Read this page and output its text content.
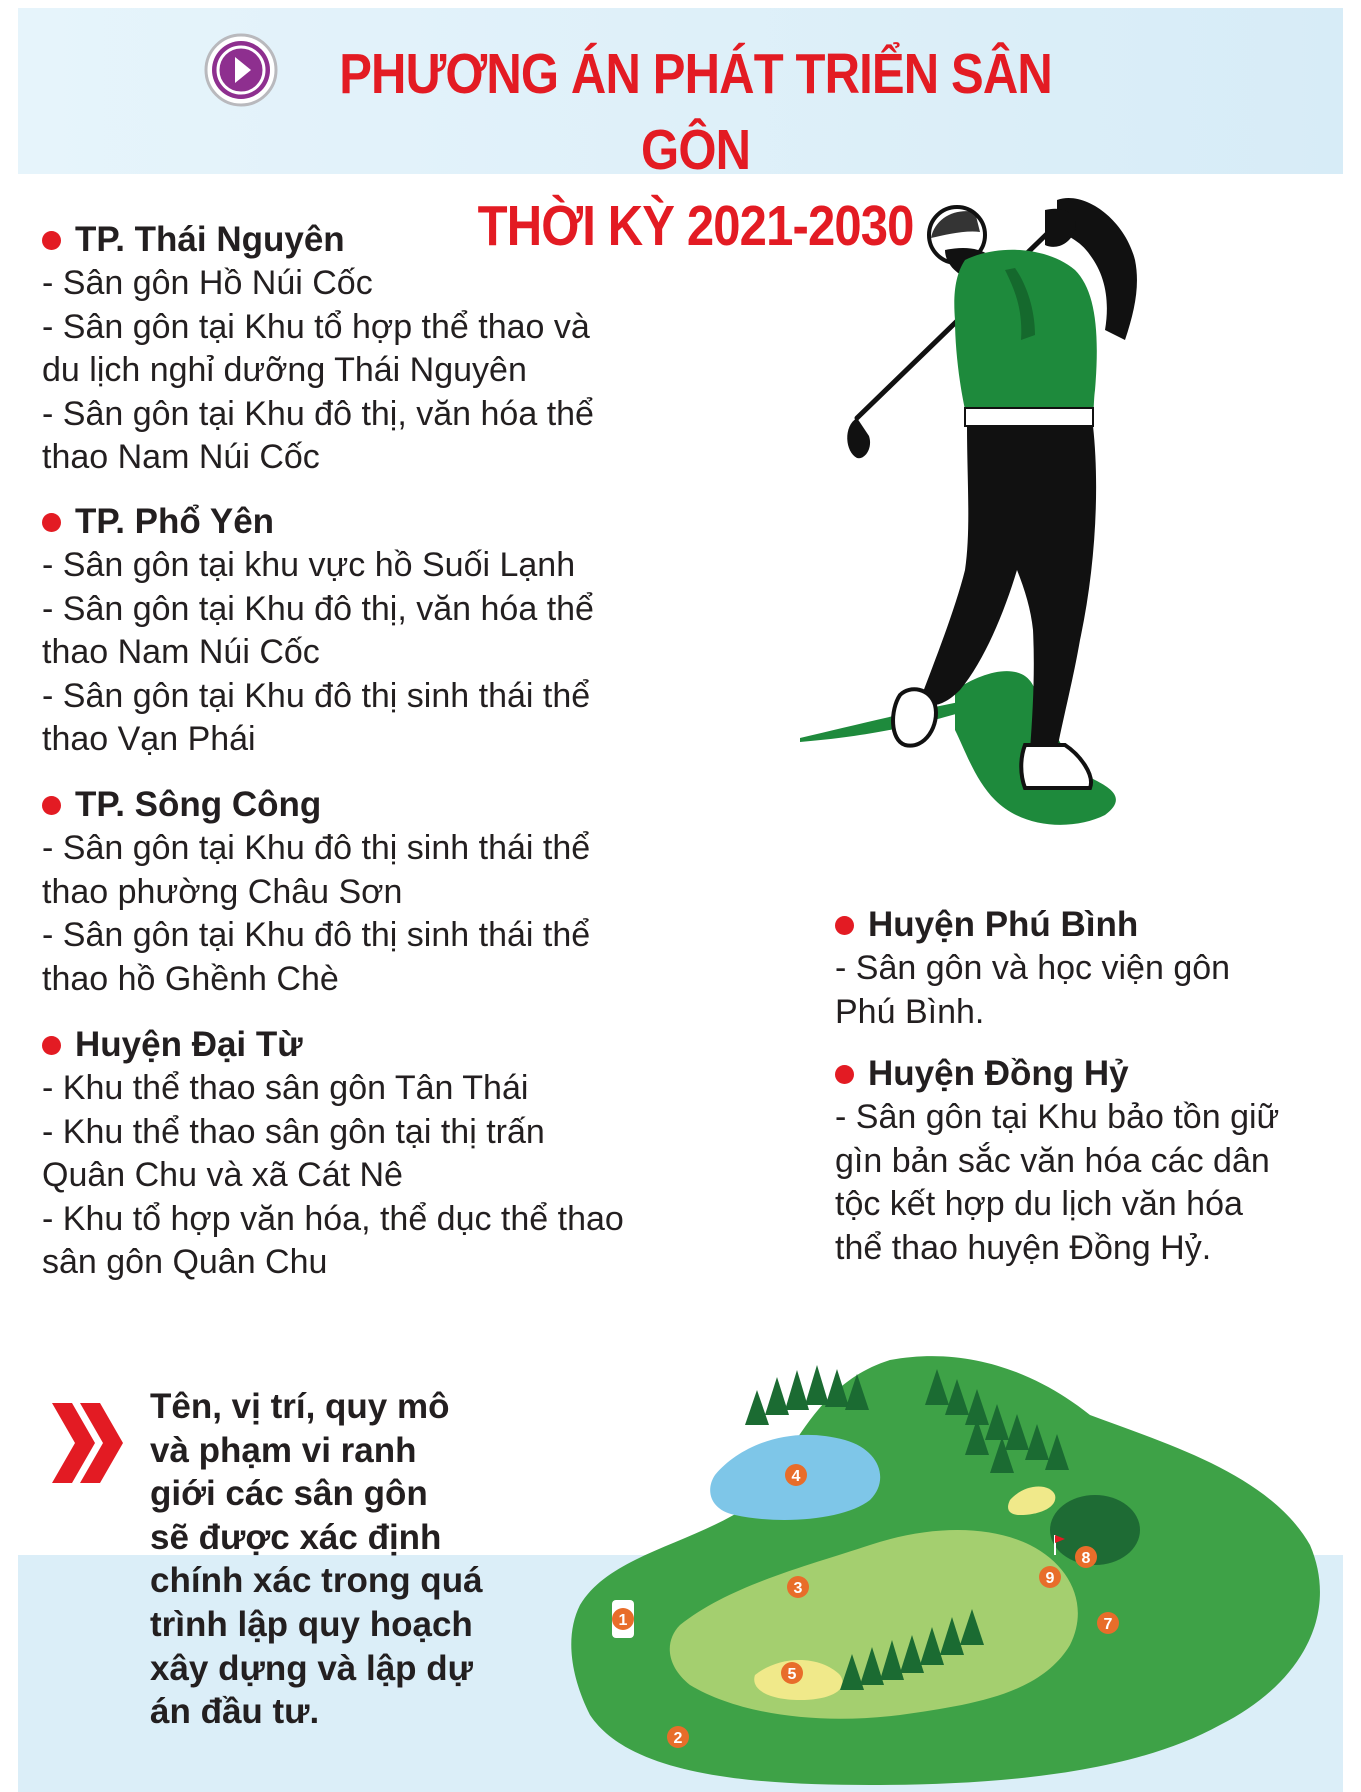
PHƯƠNG ÁN PHÁT TRIỂN SÂN GÔN
THỜI KỲ 2021-2030
TP. Thái Nguyên

- Sân gôn Hồ Núi Cốc

- Sân gôn tại Khu tổ hợp thể thao và

du lịch nghỉ dưỡng Thái Nguyên

- Sân gôn tại Khu đô thị, văn hóa thể

thao Nam Núi Cốc

TP. Phổ Yên

- Sân gôn tại khu vực hồ Suối Lạnh

- Sân gôn tại Khu đô thị, văn hóa thể

thao Nam Núi Cốc

- Sân gôn tại Khu đô thị sinh thái thể

thao Vạn Phái

TP. Sông Công

- Sân gôn tại Khu đô thị sinh thái thể

thao phường Châu Sơn

- Sân gôn tại Khu đô thị sinh thái thể

thao hồ Ghềnh Chè

Huyện Đại Từ

- Khu thể thao sân gôn Tân Thái

- Khu thể thao sân gôn tại thị trấn

Quân Chu và xã Cát Nê

- Khu tổ hợp văn hóa, thể dục thể thao

sân gôn Quân Chu

Huyện Phú Bình

- Sân gôn và học viện gôn

Phú Bình.

Huyện Đồng Hỷ

- Sân gôn tại Khu bảo tồn giữ

gìn bản sắc văn hóa các dân

tộc kết hợp du lịch văn hóa

thể thao huyện Đồng Hỷ.

Tên, vị trí, quy mô
và phạm vi ranh
giới các sân gôn
sẽ được xác định
chính xác trong quá
trình lập quy hoạch
xây dựng và lập dự
án đầu tư.
1
2
3
4
5
7
8
9
